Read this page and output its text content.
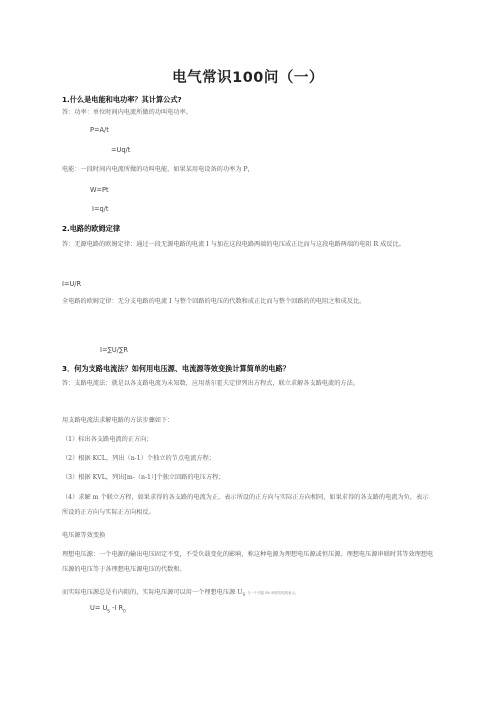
电气常识100问（一）
1.什么是电能和电功率？其计算公式?
答：功率：单位时间内电流所做的功叫电功率。
P=A/t
=Uq/t
电能：一段时间内电流所做的功叫电能，如果某用电设备的功率为 P，
W=Pt
I=q/t
2.电路的欧姆定律
答：无源电路的欧姆定律：通过一段无源电路的电流 I 与加在这段电路两端的电压成正比而与这段电路两端的电阻 R 成反比。
I=U/R
全电路的欧姆定律：无分支电路的电流 I 与整个回路的电压的代数和成正比而与整个回路的的电阻之和成反比。
I=∑U/∑R
3．何为支路电流法？如何用电压源、电流源等效变换计算简单的电路？
答：支路电流法：就是以各支路电流为未知数，应用基尔霍夫定律列出方程式，联立求解各支路电流的方法。
用支路电流法求解电路的方法步骤如下：
（1）标出各支路电流的正方向；
（2）根据 KCL，列出（n-1）个独立的节点电流方程；
（3）根据 KVL，列出[m-（n-1）]个独立回路的电压方程；
（4）求解 m 个联立方程，如果求得的各支路的电流为正，表示所设的正方向与实际正方向相同，如果求得的各支路的电流为负，表示所设的正方向与实际正方向相反。
电压源等效变换
理想电压源：一个电源的输出电压固定不变，不受负载变化的影响，称这种电源为理想电压源或恒压源。理想电压源串联时其等效理想电压源的电压等于各理想电压源电压的代数和。
而实际电压源总是有内阻的，实际电压源可以用一个理想电压源 $U_S$ 与一个内阻 R0 串联的电路表示。
$U= U_S$ -I $R_0$
